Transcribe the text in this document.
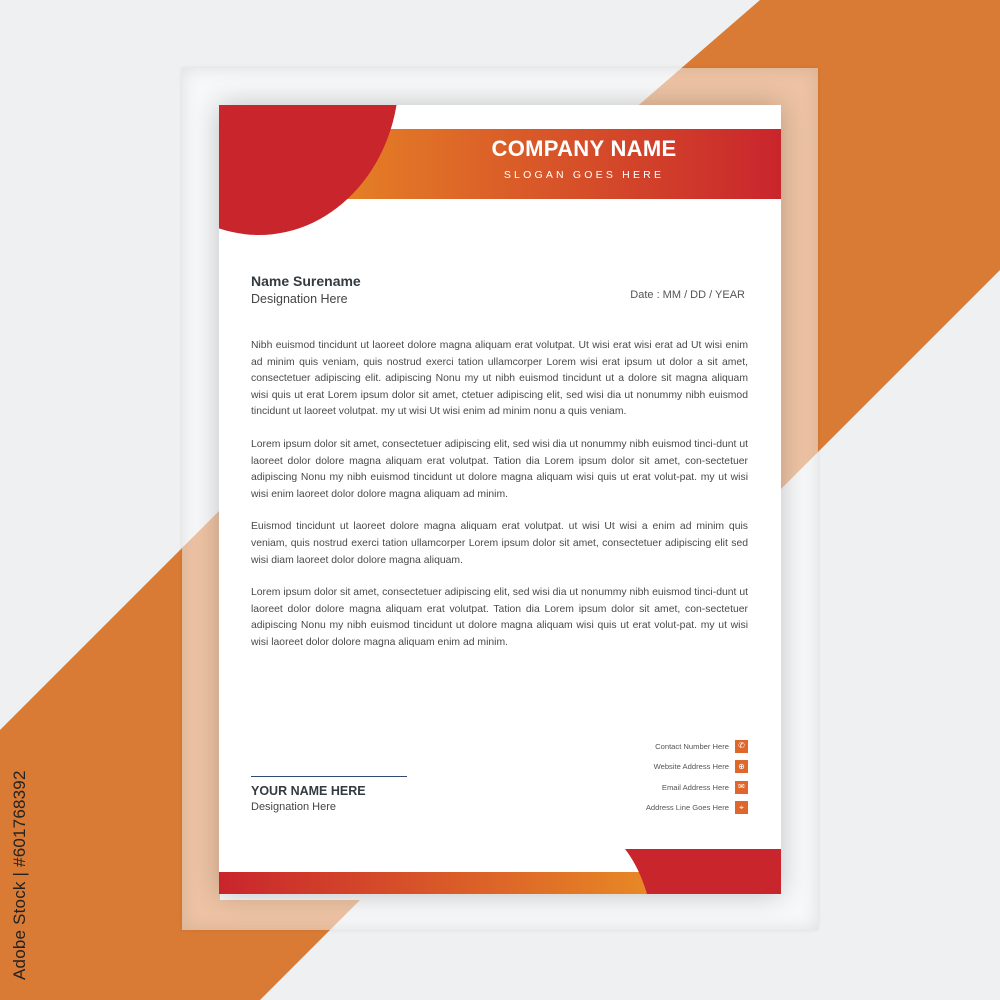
COMPANY NAME
SLOGAN GOES HERE
Name Surename
Designation Here	Date : MM / DD / YEAR

Nibh euismod tincidunt ut laoreet dolore magna aliquam erat volutpat. Ut wisi erat wisi erat ad Ut wisi enim ad minim quis veniam, quis nostrud exerci tation ullamcorper Lorem wisi erat ipsum ut dolor a sit amet, consectetuer adipiscing elit. adipiscing Nonu my ut nibh euismod tincidunt ut a dolore sit magna aliquam wisi quis ut erat Lorem ipsum dolor sit amet, ctetuer adipiscing elit, sed wisi dia ut nonummy nibh euismod tincidunt ut laoreet volutpat. my ut wisi Ut wisi enim ad minim nonu a quis veniam.

Lorem ipsum dolor sit amet, consectetuer adipiscing elit, sed wisi dia ut nonummy nibh euismod tinci-dunt ut laoreet dolor dolore magna aliquam erat volutpat. Tation dia Lorem ipsum dolor sit amet, con-sectetuer adipiscing Nonu my nibh euismod tincidunt ut dolore magna aliquam wisi quis ut erat volut-pat. my ut wisi wisi enim laoreet dolor dolore magna aliquam ad minim.

Euismod tincidunt ut laoreet dolore magna aliquam erat volutpat. ut wisi Ut wisi a enim ad minim quis veniam, quis nostrud exerci tation ullamcorper Lorem ipsum dolor sit amet, consectetuer adipiscing elit sed wisi diam laoreet dolor dolore magna aliquam.

Lorem ipsum dolor sit amet, consectetuer adipiscing elit, sed wisi dia ut nonummy nibh euismod tinci-dunt ut laoreet dolor dolore magna aliquam erat volutpat. Tation dia Lorem ipsum dolor sit amet, con-sectetuer adipiscing Nonu my nibh euismod tincidunt ut dolore magna aliquam wisi quis ut erat volut-pat. my ut wisi wisi laoreet dolor dolore magna aliquam enim ad minim.

Contact Number Here	✆
Website Address Here	⊕
Email Address Here	✉
Address Line Goes Here	⌖
YOUR NAME HERE
Designation Here
Adobe Stock | #601768392
